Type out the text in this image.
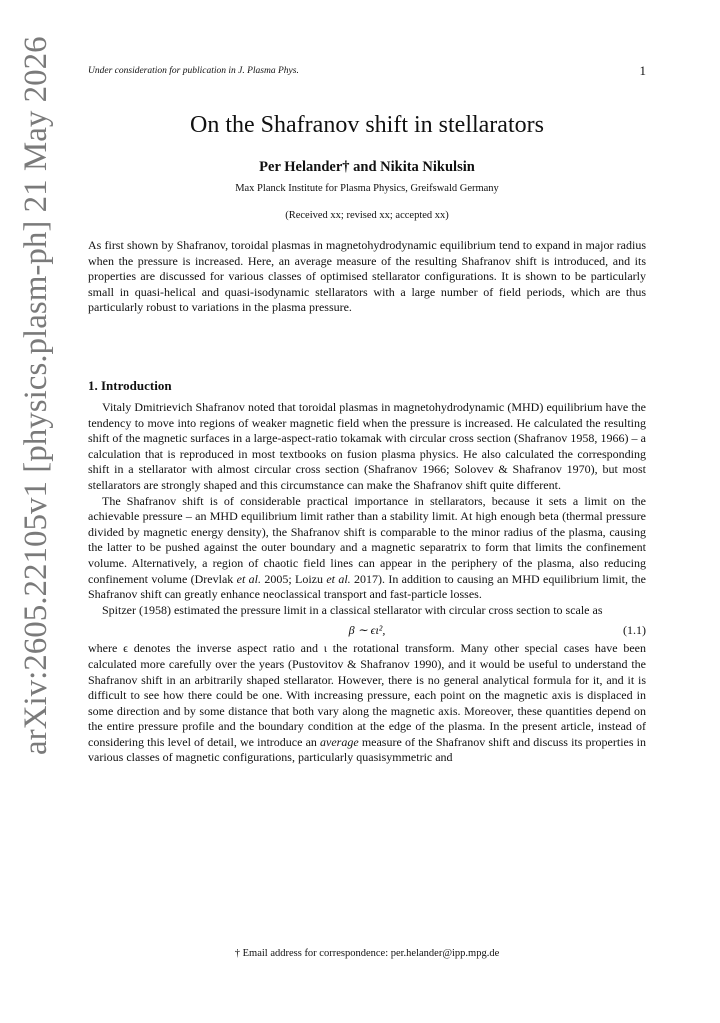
Under consideration for publication in J. Plasma Phys.	1
arXiv:2605.22105v1 [physics.plasm-ph] 21 May 2026	On the Shafranov shift in stellarators
Per Helander† and Nikita Nikulsin
Max Planck Institute for Plasma Physics, Greifswald Germany
(Received xx; revised xx; accepted xx)

As first shown by Shafranov, toroidal plasmas in magnetohydrodynamic equilibrium tend to expand in major radius when the pressure is increased. Here, an average measure of the resulting Shafranov shift is introduced, and its properties are discussed for various classes of optimised stellarator configurations. It is shown to be particularly small in quasi-helical and quasi-isodynamic stellarators with a large number of field periods, which are thus particularly robust to variations in the plasma pressure.

1. Introduction

Vitaly Dmitrievich Shafranov noted that toroidal plasmas in magnetohydrodynamic (MHD) equilibrium have the tendency to move into regions of weaker magnetic field when the pressure is increased. He calculated the resulting shift of the magnetic surfaces in a large-aspect-ratio tokamak with circular cross section (Shafranov 1958, 1966) – a calculation that is reproduced in most textbooks on fusion plasma physics. He also calculated the corresponding shift in a stellarator with almost circular cross section (Shafranov 1966; Solovev & Shafranov 1970), but most stellarators are strongly shaped and this circumstance can make the Shafranov shift quite different.

The Shafranov shift is of considerable practical importance in stellarators, because it sets a limit on the achievable pressure – an MHD equilibrium limit rather than a stability limit. At high enough beta (thermal pressure divided by magnetic energy density), the Shafranov shift is comparable to the minor radius of the plasma, causing the latter to be pushed against the outer boundary and a magnetic separatrix to form that limits the confinement volume. Alternatively, a region of chaotic field lines can appear in the periphery of the plasma, also reducing confinement volume (Drevlak et al. 2005; Loizu et al. 2017). In addition to causing an MHD equilibrium limit, the Shafranov shift can greatly enhance neoclassical transport and fast-particle losses.

Spitzer (1958) estimated the pressure limit in a classical stellarator with circular cross section to scale as

β ∼ ϵι²,	(1.1)

where ϵ denotes the inverse aspect ratio and ι the rotational transform. Many other special cases have been calculated more carefully over the years (Pustovitov & Shafranov 1990), and it would be useful to understand the Shafranov shift in an arbitrarily shaped stellarator. However, there is no general analytical formula for it, and it is difficult to see how there could be one. With increasing pressure, each point on the magnetic axis is displaced in some direction and by some distance that both vary along the magnetic axis. Moreover, these quantities depend on the entire pressure profile and the boundary condition at the edge of the plasma. In the present article, instead of considering this level of detail, we introduce an average measure of the Shafranov shift and discuss its properties in various classes of magnetic configurations, particularly quasisymmetric and

† Email address for correspondence: per.helander@ipp.mpg.de
